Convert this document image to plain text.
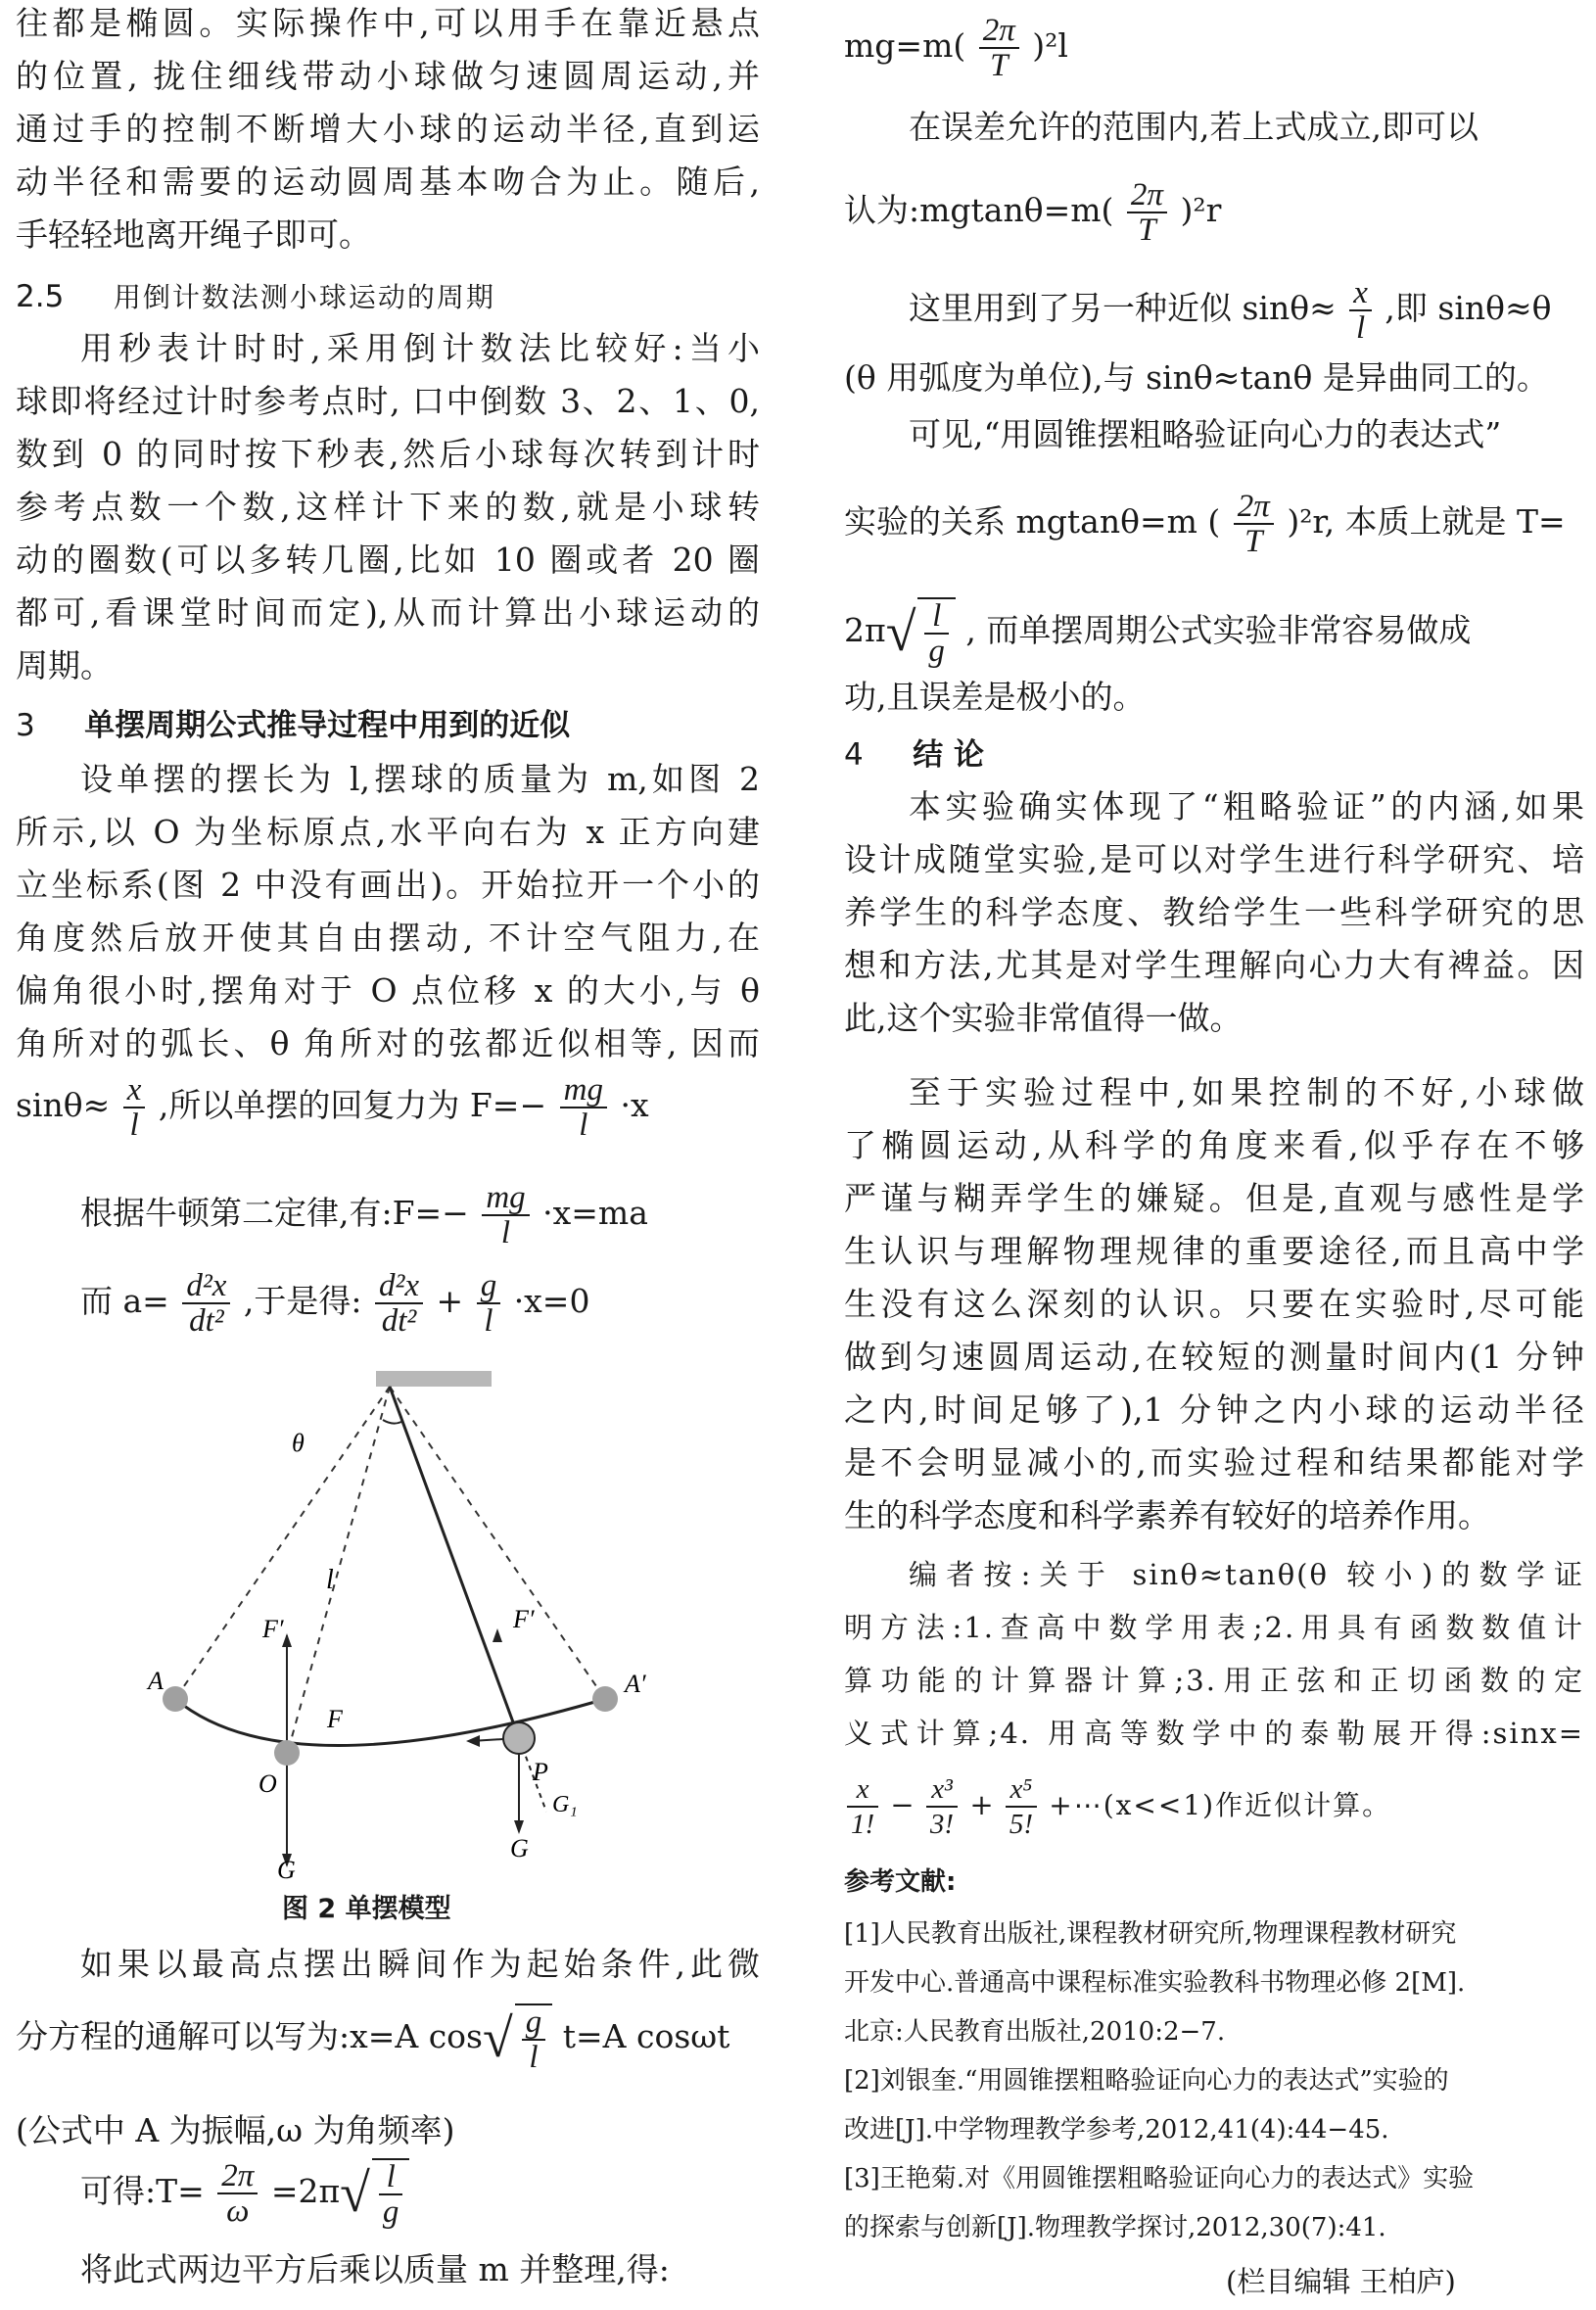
往都是椭圆。实际操作中,可以用手在靠近悬点
的位置, 拢住细线带动小球做匀速圆周运动,并
通过手的控制不断增大小球的运动半径,直到运
动半径和需要的运动圆周基本吻合为止。随后,
手轻轻地离开绳子即可。
2.5 用倒计数法测小球运动的周期
用秒表计时时,采用倒计数法比较好:当小
球即将经过计时参考点时, 口中倒数 3、2、1、0,
数到 0 的同时按下秒表,然后小球每次转到计时
参考点数一个数,这样计下来的数,就是小球转
动的圈数(可以多转几圈,比如 10 圈或者 20 圈
都可,看课堂时间而定),从而计算出小球运动的
周期。
3 单摆周期公式推导过程中用到的近似
设单摆的摆长为 l,摆球的质量为 m,如图 2
所示,以 O 为坐标原点,水平向右为 x 正方向建
立坐标系(图 2 中没有画出)。开始拉开一个小的
角度然后放开使其自由摆动, 不计空气阻力,在
偏角很小时,摆角对于 O 点位移 x 的大小,与 θ
角所对的弧长、θ 角所对的弦都近似相等, 因而
$\sin\theta\approx \frac{x}{l}$ ,所以单摆的回复力为 $F=- \frac{mg}{l} \cdot x$
根据牛顿第二定律,有:F=− $\frac{mg}{l} \cdot x=ma$
而 $a= \frac{\text{d²x}}{\text{dt²}}$ ,于是得: $\frac{\text{d²x}}{\text{dt²}} + \frac{g}{l} \cdot x=0$
θ
l
A	A′
O	P
F
F′	F′
G
G
G₁
图 2 单摆模型
如果以最高点摆出瞬间作为起始条件,此微
分方程的通解可以写为:x=A $\cos√ \frac{g}{l} t=A$ cosωt
(公式中 A 为振幅,ω 为角频率)
可得:T= $\frac{2\pi}{\omega} =2\pi√ \frac{l}{g}$
将此式两边平方后乘以质量 m 并整理,得:
$mg=m( \frac{2\pi}{T} )^2l$
在误差允许的范围内,若上式成立,即可以
认为:mgtanθ=m( $\frac{2\pi}{T} )^2r$
这里用到了另一种近似 $\sin\theta\approx \frac{x}{l}$ ,即 sinθ≈θ
(θ 用弧度为单位),与 sinθ≈tanθ 是异曲同工的。
可见,“用圆锥摆粗略验证向心力的表达式”
实验的关系 mgtanθ=m ( $\frac{2\pi}{T} )^2r$, 本质上就是 T=
$2\pi√ \frac{l}{g}$ , 而单摆周期公式实验非常容易做成
功,且误差是极小的。
4 结 论
本实验确实体现了“粗略验证”的内涵,如果
设计成随堂实验,是可以对学生进行科学研究、培
养学生的科学态度、教给学生一些科学研究的思
想和方法,尤其是对学生理解向心力大有裨益。因
此,这个实验非常值得一做。
至于实验过程中,如果控制的不好,小球做
了椭圆运动,从科学的角度来看,似乎存在不够
严谨与糊弄学生的嫌疑。但是,直观与感性是学
生认识与理解物理规律的重要途径,而且高中学
生没有这么深刻的认识。只要在实验时,尽可能
做到匀速圆周运动,在较短的测量时间内(1 分钟
之内,时间足够了),1 分钟之内小球的运动半径
是不会明显减小的,而实验过程和结果都能对学
生的科学态度和科学素养有较好的培养作用。
编者按:关于 sinθ≈tanθ(θ 较小)的数学证
明方法:1.查高中数学用表;2.用具有函数数值计
算功能的计算器计算;3.用正弦和正切函数的定
义式计算;4. 用高等数学中的泰勒展开得:sinx=
$\frac{x}{1!} - \frac{\text{x³}}{3!} + \frac{\text{x⁵}}{5!}$ +⋯(x<<1)作近似计算。
参考文献:
[1]人民教育出版社,课程教材研究所,物理课程教材研究
开发中心.普通高中课程标准实验教科书物理必修 2[M].
北京:人民教育出版社,2010:2−7.
[2]刘银奎.“用圆锥摆粗略验证向心力的表达式”实验的
改进[J].中学物理教学参考,2012,41(4):44−45.
[3]王艳菊.对《用圆锥摆粗略验证向心力的表达式》实验
的探索与创新[J].物理教学探讨,2012,30(7):41.
(栏目编辑 王柏庐)
